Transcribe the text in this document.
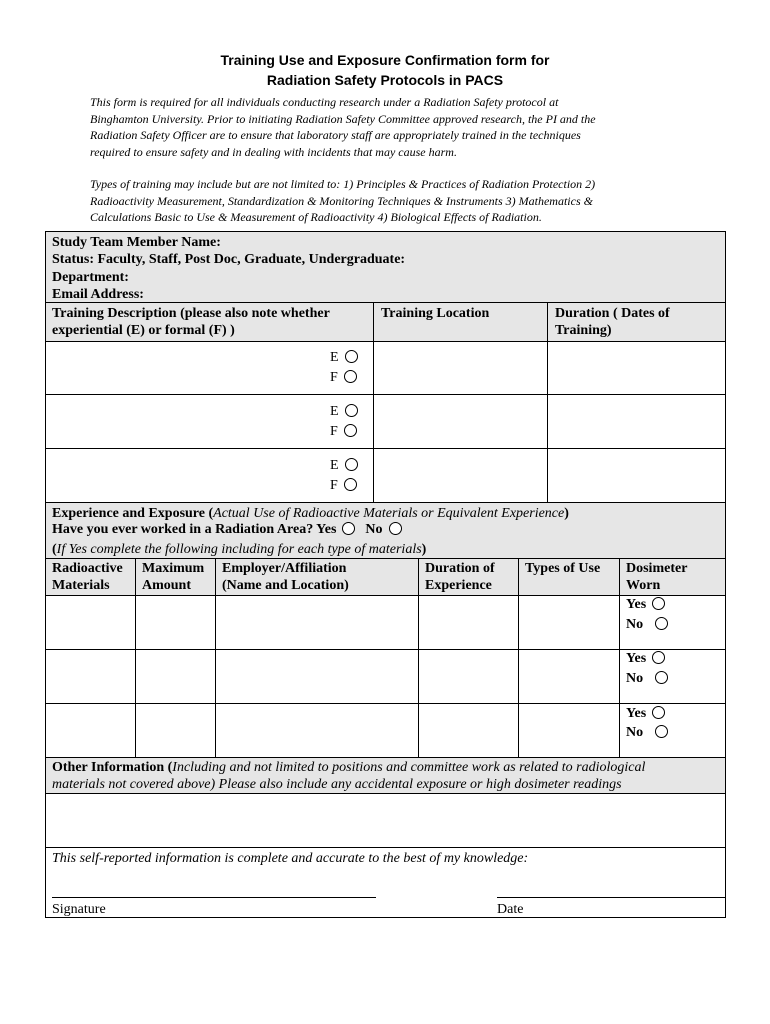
Training Use and Exposure Confirmation form for
Radiation Safety Protocols in PACS
This form is required for all individuals conducting research under a Radiation Safety protocol at
Binghamton University. Prior to initiating Radiation Safety Committee approved research, the PI and the
Radiation Safety Officer are to ensure that laboratory staff are appropriately trained in the techniques
required to ensure safety and in dealing with incidents that may cause harm.
Types of training may include but are not limited to: 1) Principles & Practices of Radiation Protection 2)
Radioactivity Measurement, Standardization & Monitoring Techniques & Instruments 3) Mathematics &
Calculations Basic to Use & Measurement of Radioactivity 4) Biological Effects of Radiation.
Study Team Member Name:
Status: Faculty, Staff, Post Doc, Graduate, Undergraduate:
Department:
Email Address:
Training Description (please also note whether
experiential (E) or formal (F) )
Training Location	Duration ( Dates of
Training)
E
F
E
F
E
F
Experience and Exposure (Actual Use of Radioactive Materials or Equivalent Experience)
Have you ever worked in a Radiation Area? Yes No
(If Yes complete the following including for each type of materials)
Radioactive
Materials
Maximum
Amount
Employer/Affiliation
(Name and Location)
Duration of
Experience
Types of Use Dosimeter
Worn
Yes
No
Yes
No
Yes
No
Other Information (Including and not limited to positions and committee work as related to radiological
materials not covered above) Please also include any accidental exposure or high dosimeter readings
This self-reported information is complete and accurate to the best of my knowledge:
Signature	Date
